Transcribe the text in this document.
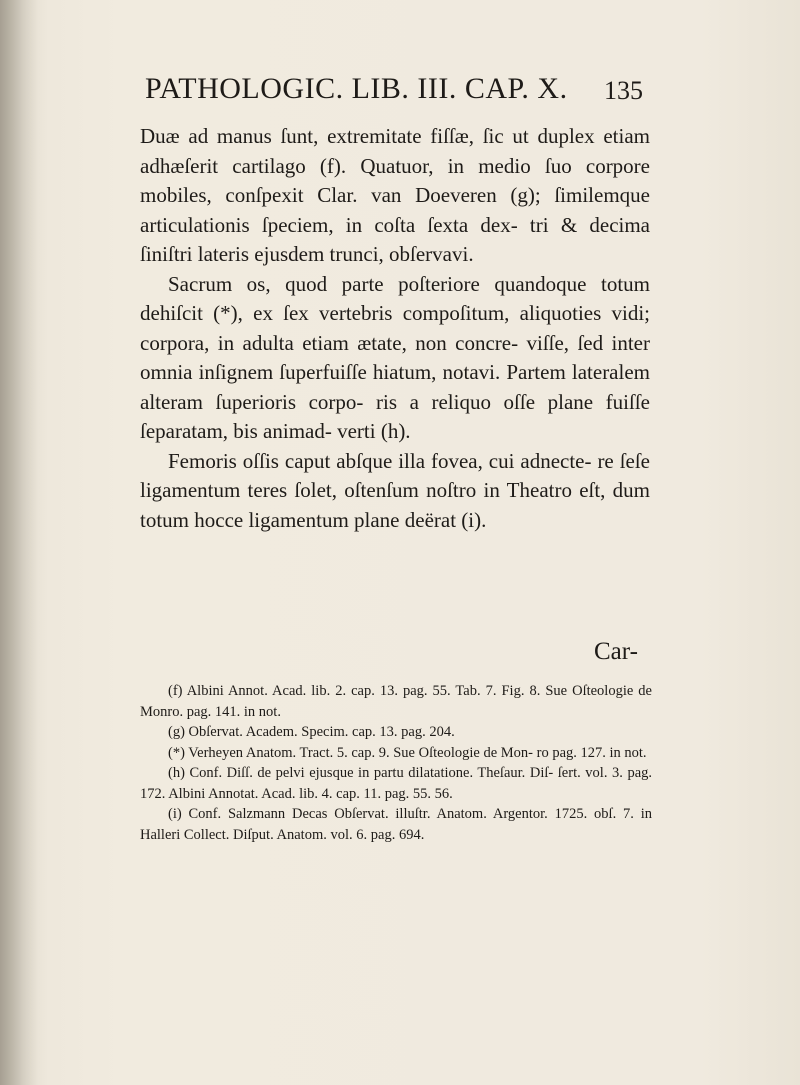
PATHOLOGIC. LIB. III. CAP. X.	135

Duæ ad manus ſunt, extremitate fiſſæ, ſic ut duplex etiam adhæſerit cartilago (f). Quatuor, in medio ſuo corpore mobiles, conſpexit Clar. van Doeveren (g); ſimilemque articulationis ſpeciem, in coſta ſexta dex- tri & decima ſiniſtri lateris ejusdem trunci, obſervavi.

Sacrum os, quod parte poſteriore quandoque totum dehiſcit (*), ex ſex vertebris compoſitum, aliquoties vidi; corpora, in adulta etiam ætate, non concre- viſſe, ſed inter omnia inſignem ſuperfuiſſe hiatum, notavi. Partem lateralem alteram ſuperioris corpo- ris a reliquo oſſe plane fuiſſe ſeparatam, bis animad- verti (h).

Femoris oſſis caput abſque illa fovea, cui adnecte- re ſeſe ligamentum teres ſolet, oſtenſum noſtro in Theatro eſt, dum totum hocce ligamentum plane deërat (i).

Car-

(f) Albini Annot. Acad. lib. 2. cap. 13. pag. 55. Tab. 7. Fig. 8. Sue Oſteologie de Monro. pag. 141. in not.

(g) Obſervat. Academ. Specim. cap. 13. pag. 204.

(*) Verheyen Anatom. Tract. 5. cap. 9. Sue Oſteologie de Mon- ro pag. 127. in not.

(h) Conf. Diſſ. de pelvi ejusque in partu dilatatione. Theſaur. Diſ- ſert. vol. 3. pag. 172. Albini Annotat. Acad. lib. 4. cap. 11. pag. 55. 56.

(i) Conf. Salzmann Decas Obſervat. illuſtr. Anatom. Argentor. 1725. obſ. 7. in Halleri Collect. Diſput. Anatom. vol. 6. pag. 694.
